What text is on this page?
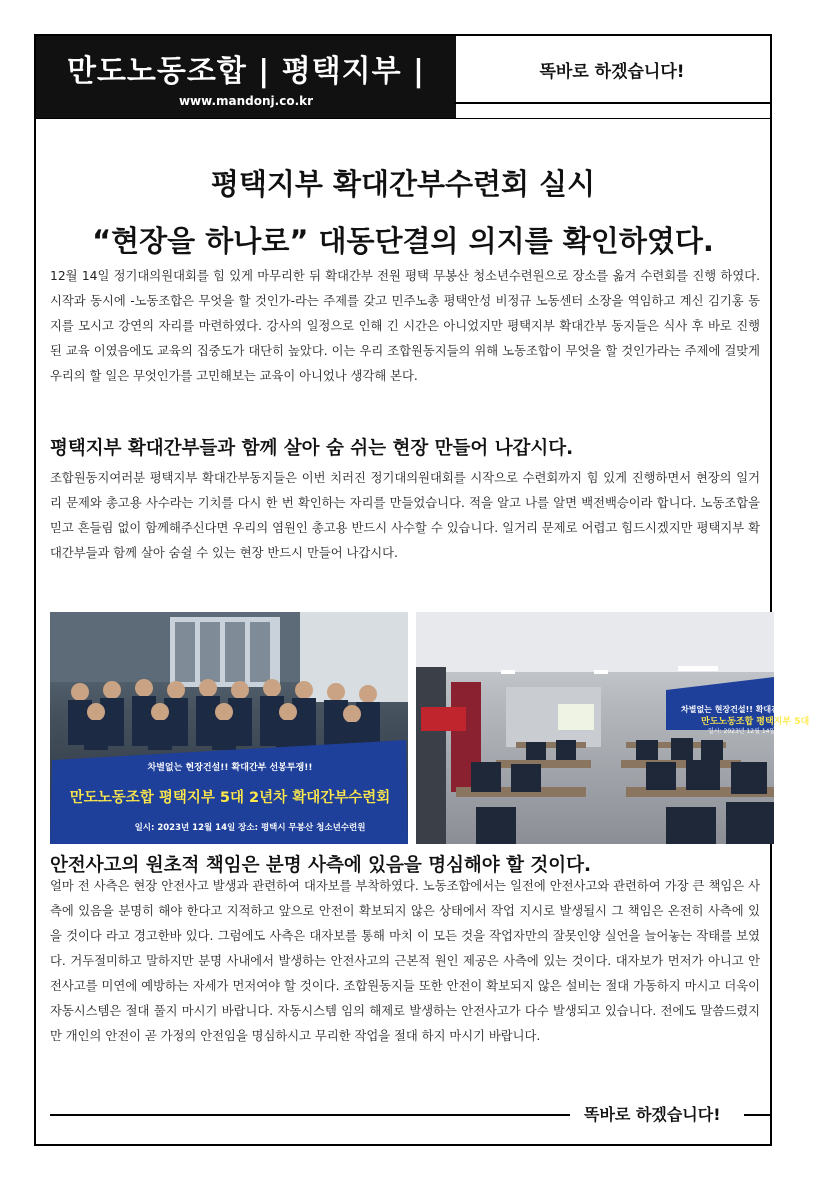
만도노동조합 | 평택지부 |
www.mandonj.co.kr
똑바로 하겠습니다!
평택지부 확대간부수련회 실시
“현장을 하나로” 대동단결의 의지를 확인하였다.
12월 14일 정기대의원대회를 힘 있게 마무리한 뒤 확대간부 전원 평택 무봉산 청소년수련원으로 장소를 옮겨 수련회를 진행 하였다. 시작과 동시에 -노동조합은 무엇을 할 것인가-라는 주제를 갖고 민주노총 평택안성 비정규 노동센터 소장을 역임하고 계신 김기홍 동지를 모시고 강연의 자리를 마련하였다. 강사의 일정으로 인해 긴 시간은 아니었지만 평택지부 확대간부 동지들은 식사 후 바로 진행된 교육 이였음에도 교육의 집중도가 대단히 높았다. 이는 우리 조합원동지들의 위해 노동조합이 무엇을 할 것인가라는 주제에 걸맞게 우리의 할 일은 무엇인가를 고민해보는 교육이 아니었나 생각해 본다.
평택지부 확대간부들과 함께 살아 숨 쉬는 현장 만들어 나갑시다.
조합원동지여러분 평택지부 확대간부동지들은 이번 치러진 정기대의원대회를 시작으로 수련회까지 힘 있게 진행하면서 현장의 일거리 문제와 총고용 사수라는 기치를 다시 한 번 확인하는 자리를 만들었습니다. 적을 알고 나를 알면 백전백승이라 합니다. 노동조합을 믿고 흔들림 없이 함께해주신다면 우리의 염원인 총고용 반드시 사수할 수 있습니다. 일거리 문제로 어렵고 힘드시겠지만 평택지부 확대간부들과 함께 살아 숨쉴 수 있는 현장 반드시 만들어 나갑시다.
차별없는 현장건설!! 확대간부 선봉투쟁!!
만도노동조합 평택지부 5대 2년차 확대간부수련회
일시: 2023년 12월 14일 장소: 평택시 무봉산 청소년수련원
차별없는 현장건설!! 확대간부
만도노동조합 평택지부 5대
일시: 2023년 12월 14일 장소:
안전사고의 원초적 책임은 분명 사측에 있음을 명심해야 할 것이다.
얼마 전 사측은 현장 안전사고 발생과 관련하여 대자보를 부착하였다. 노동조합에서는 일전에 안전사고와 관련하여 가장 큰 책임은 사측에 있음을 분명히 해야 한다고 지적하고 앞으로 안전이 확보되지 않은 상태에서 작업 지시로 발생될시 그 책임은 온전히 사측에 있을 것이다 라고 경고한바 있다. 그럼에도 사측은 대자보를 통해 마치 이 모든 것을 작업자만의 잘못인양 실언을 늘어놓는 작태를 보였다. 거두절미하고 말하지만 분명 사내에서 발생하는 안전사고의 근본적 원인 제공은 사측에 있는 것이다. 대자보가 먼저가 아니고 안전사고를 미연에 예방하는 자세가 먼저여야 할 것이다. 조합원동지들 또한 안전이 확보되지 않은 설비는 절대 가동하지 마시고 더욱이 자동시스템은 절대 풀지 마시기 바랍니다. 자동시스템 임의 해제로 발생하는 안전사고가 다수 발생되고 있습니다. 전에도 말씀드렸지만 개인의 안전이 곧 가정의 안전임을 명심하시고 무리한 작업을 절대 하지 마시기 바랍니다.
똑바로 하겠습니다!
